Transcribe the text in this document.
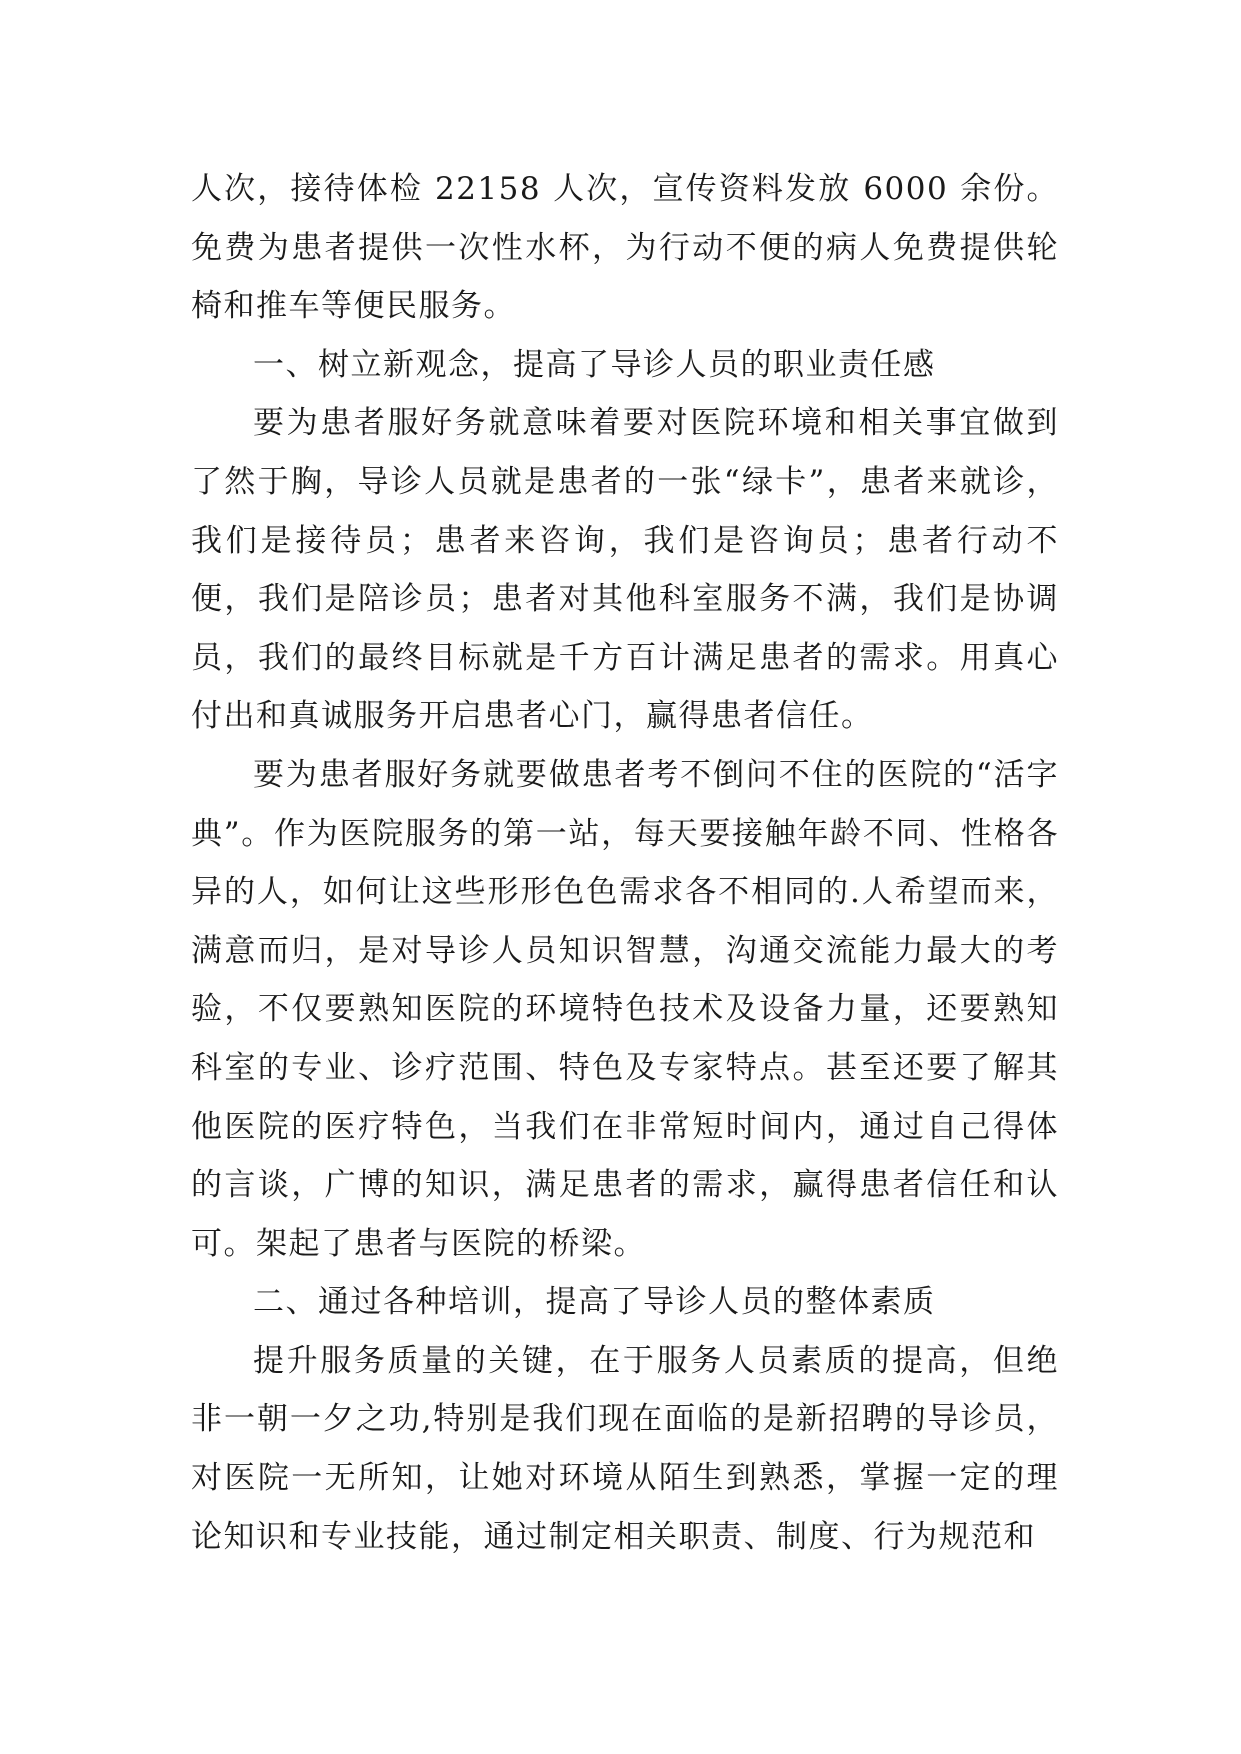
人次，接待体检 22158 人次，宣传资料发放 6000 余份。免费为患者提供一次性水杯，为行动不便的病人免费提供轮椅和推车等便民服务。

一、树立新观念，提高了导诊人员的职业责任感

要为患者服好务就意味着要对医院环境和相关事宜做到了然于胸，导诊人员就是患者的一张“绿卡”，患者来就诊，我们是接待员；患者来咨询，我们是咨询员；患者行动不便，我们是陪诊员；患者对其他科室服务不满，我们是协调员，我们的最终目标就是千方百计满足患者的需求。用真心付出和真诚服务开启患者心门，赢得患者信任。

要为患者服好务就要做患者考不倒问不住的医院的“活字典”。作为医院服务的第一站，每天要接触年龄不同、性格各异的人，如何让这些形形色色需求各不相同的.人希望而来，满意而归，是对导诊人员知识智慧，沟通交流能力最大的考验，不仅要熟知医院的环境特色技术及设备力量，还要熟知科室的专业、诊疗范围、特色及专家特点。甚至还要了解其他医院的医疗特色，当我们在非常短时间内，通过自己得体的言谈，广博的知识，满足患者的需求，赢得患者信任和认可。架起了患者与医院的桥梁。

二、通过各种培训，提高了导诊人员的整体素质

提升服务质量的关键，在于服务人员素质的提高，但绝非一朝一夕之功,特别是我们现在面临的是新招聘的导诊员，对医院一无所知，让她对环境从陌生到熟悉，掌握一定的理论知识和专业技能，通过制定相关职责、制度、行为规范和
